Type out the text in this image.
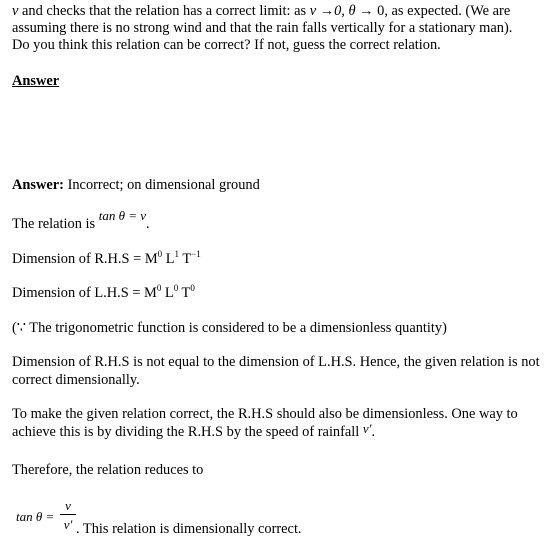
v and checks that the relation has a correct limit: as v →0, θ → 0, as expected. (We are
assuming there is no strong wind and that the rain falls vertically for a stationary man).
Do you think this relation can be correct? If not, guess the correct relation.
Answer
Answer: Incorrect; on dimensional ground
The relation is tan θ = v.
Dimension of $R.H.S = M^0$ $L^1$ $T^{-1}$
Dimension of $L.H.S = M^0$ $L^0$ $T^0$
(∵ The trigonometric function is considered to be a dimensionless quantity)
Dimension of R.H.S is not equal to the dimension of L.H.S. Hence, the given relation is not correct dimensionally.
To make the given relation correct, the R.H.S should also be dimensionless. One way to achieve this is by dividing the R.H.S by the speed of rainfall v′.
Therefore, the relation reduces to
tan θ =
v
v′ . This relation is dimensionally correct.
